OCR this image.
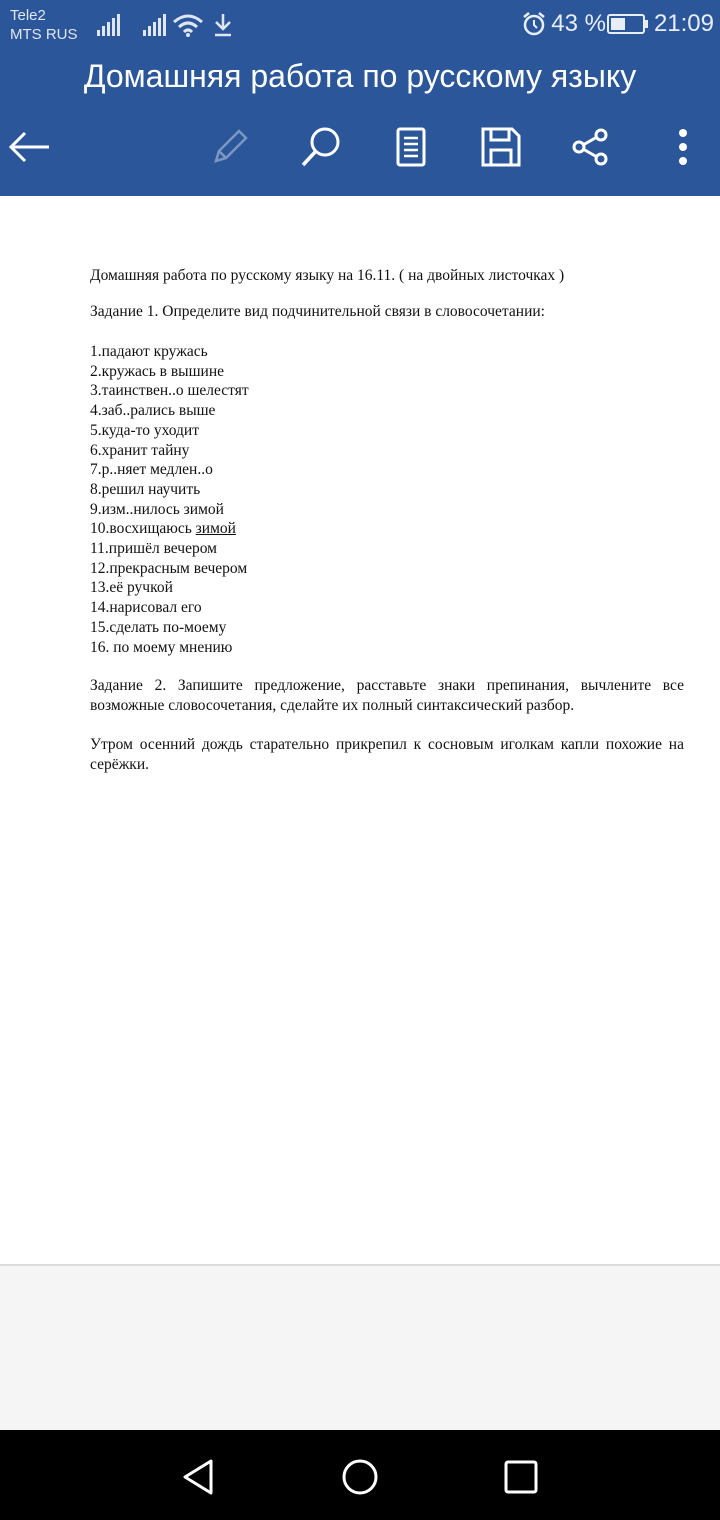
Tele2
MTS RUS	43 % 21:09
Домашняя работа по русскому языку

Домашняя работа по русскому языку на 16.11. ( на двойных листочках )

Задание 1. Определите вид подчинительной связи в словосочетании:

1.падают кружась
2.кружась в вышине
3.таинствен..о шелестят
4.заб..рались выше
5.куда-то уходит
6.хранит тайну
7.р..няет медлен..о
8.решил научить
9.изм..нилось зимой
10.восхищаюсь зимой
11.пришёл вечером
12.прекрасным вечером
13.её ручкой
14.нарисовал его
15.сделать по-моему
16. по моему мнению

Задание 2. Запишите предложение, расставьте знаки препинания, вычлените все возможные словосочетания, сделайте их полный синтаксический разбор.

Утром осенний дождь старательно прикрепил к сосновым иголкам капли похожие на серёжки.
